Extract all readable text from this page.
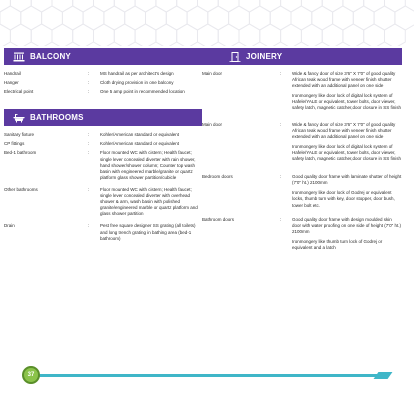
BALCONY
Handrail	:	MS handrail as per architect's design

Hanger	:	Cloth drying provision in one balcony

Electrical point	:	One 5 amp point in recommended location

BATHROOMS
Sanitary fixture	:	Kohler/American standard or equivalent

CP fittings	:	Kohler/American standard or equivalent

Bed-1 bathroom	:	Floor mounted WC with cistern; Health faucet; single lever concealed diverter with rain shower, hand shower/shower column; Counter top wash basin with engineered marble/granite or quartz platform glass shower partition/cubicle

Other bathrooms	:	Floor mounted WC with cistern; Health faucet; single lever concealed diverter with overhead shower & arm, wash basin with polished granite/engineered marble or quartz platform and glass shower partition

Drain	:	Pest free square designer SS grating (all toilets) and long trench grating in bathing area (bed-1 bathroom)

JOINERY
Main door	:	Wide & fancy door of size 3'6" X 7'0" of good quality African teak wood frame with veneer finish shutter extended with an additional panel on one side

Ironmongery like door lock of digital lock system of Hafele/YALE or equivalent, tower bolts, door viewer, safety latch, magnetic catcher,door closure in SS finish

Main door	:	Wide & fancy door of size 3'6" X 7'0" of good quality African teak wood frame with veneer finish shutter extended with an additional panel on one side

Ironmongery like door lock of digital lock system of Hafele/YALE or equivalent, tower bolts, door viewer, safety latch, magnetic catcher,door closure in SS finish

Bedroom doors	:	Good quality door frame with laminate shutter of height (7'0" ht.) 2100mm

Ironmongery like door lock of Godrej or equivalent locks, thumb turn with key, door stopper, door bush, tower bolt etc.

Bathroom doors	:	Good quality door frame with design moulded skin door with water proofing on one side of height (7'0" ht.) 2100mm

Ironmongery like thumb turn lock of Godrej or equivalent and a latch

37
